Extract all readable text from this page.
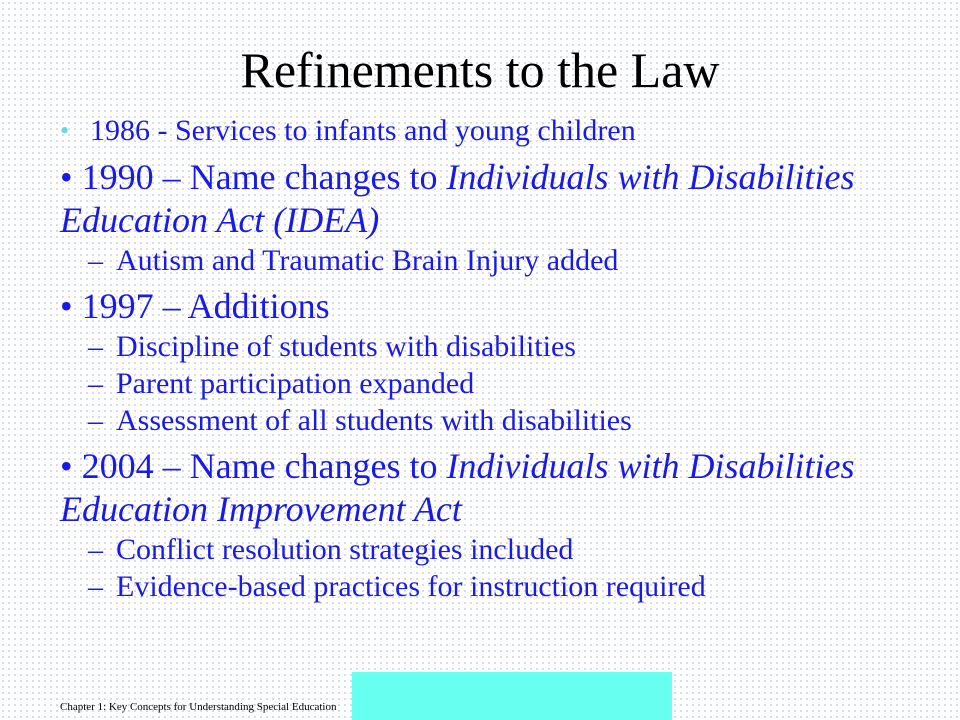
Refinements to the Law
• 1986 - Services to infants and young children
• 1990 – Name changes to Individuals with Disabilities Education Act (IDEA)
– Autism and Traumatic Brain Injury added
• 1997 – Additions
– Discipline of students with disabilities
– Parent participation expanded
– Assessment of all students with disabilities
• 2004 – Name changes to Individuals with Disabilities Education Improvement Act
– Conflict resolution strategies included
– Evidence-based practices for instruction required
Chapter 1: Key Concepts for Understanding Special Education
